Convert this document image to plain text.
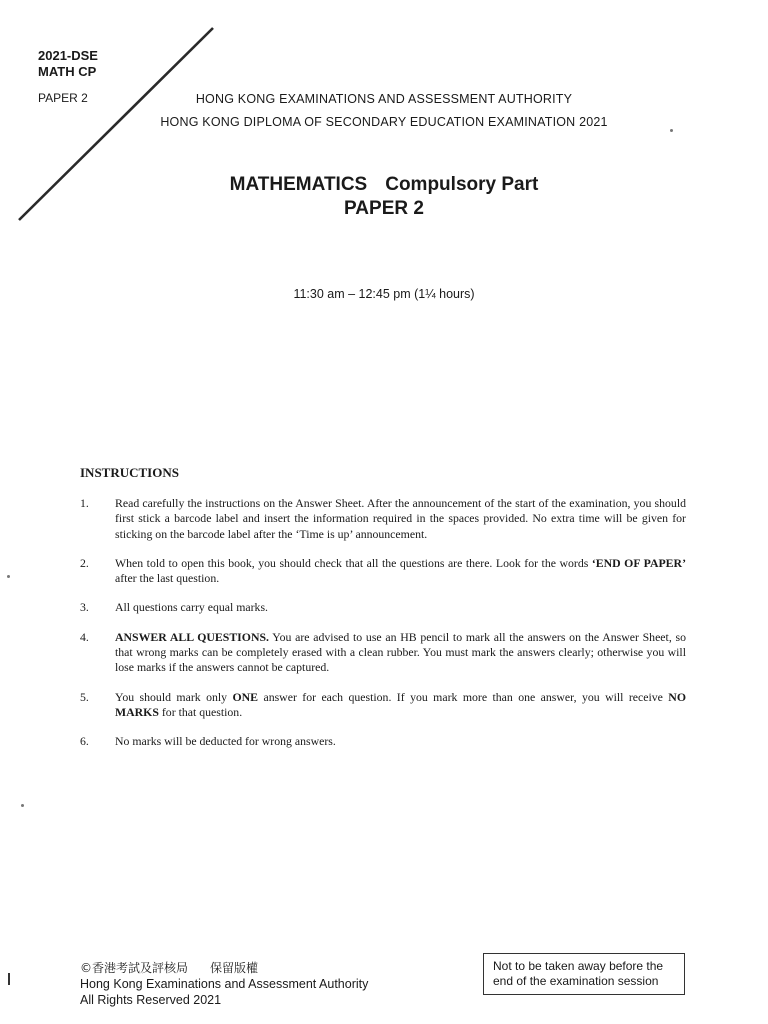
2021-DSE
MATH CP
PAPER 2	HONG KONG EXAMINATIONS AND ASSESSMENT AUTHORITY
HONG KONG DIPLOMA OF SECONDARY EDUCATION EXAMINATION 2021
MATHEMATICS Compulsory Part
PAPER 2
11:30 am – 12:45 pm (1¼ hours)
INSTRUCTIONS
1.	Read carefully the instructions on the Answer Sheet. After the announcement of the start of the examination, you should first stick a barcode label and insert the information required in the spaces provided. No extra time will be given for sticking on the barcode label after the ‘Time is up’ announcement.
2.	When told to open this book, you should check that all the questions are there. Look for the words ‘END OF PAPER’ after the last question.
3.	All questions carry equal marks.
4.	ANSWER ALL QUESTIONS. You are advised to use an HB pencil to mark all the answers on the Answer Sheet, so that wrong marks can be completely erased with a clean rubber. You must mark the answers clearly; otherwise you will lose marks if the answers cannot be captured.
5.	You should mark only ONE answer for each question. If you mark more than one answer, you will receive NO MARKS for that question.
6.	No marks will be deducted for wrong answers.
©香港考試及評核局 保留版權
Hong Kong Examinations and Assessment Authority
All Rights Reserved 2021
Not to be taken away before the end of the examination session
